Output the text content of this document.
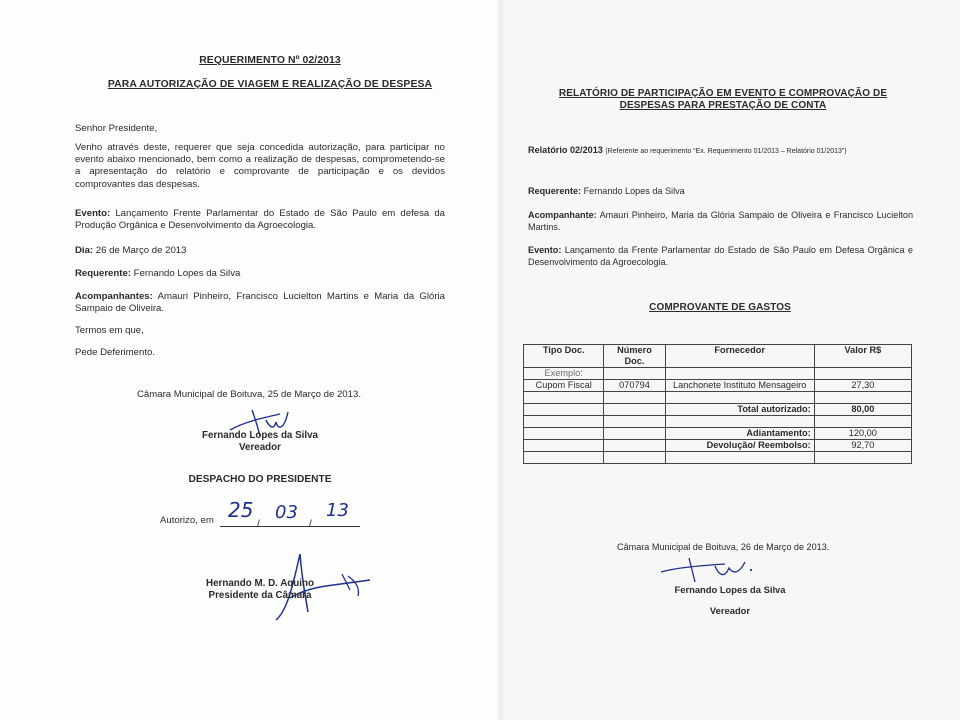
REQUERIMENTO Nº 02/2013
PARA AUTORIZAÇÃO DE VIAGEM E REALIZAÇÃO DE DESPESA
Senhor Presidente,
Venho através deste, requerer que seja concedida autorização, para participar no evento abaixo mencionado, bem como a realização de despesas, comprometendo-se a apresentação do relatório e comprovante de participação e os devidos comprovantes das despesas.
Evento: Lançamento Frente Parlamentar do Estado de São Paulo em defesa da Produção Orgânica e Desenvolvimento da Agroecologia.
Dia: 26 de Março de 2013
Requerente: Fernando Lopes da Silva
Acompanhantes: Amauri Pinheiro, Francisco Lucielton Martins e Maria da Glória Sampaio de Oliveira.
Termos em que,
Pede Deferimento.
Câmara Municipal de Boituva, 25 de Março de 2013.
Fernando Lopes da Silva
Vereador
DESPACHO DO PRESIDENTE
Autorizo, em	/	/
25 03 13
Hernando M. D. Aquino
Presidente da Câmara
RELATÓRIO DE PARTICIPAÇÃO EM EVENTO E COMPROVAÇÃO DE
DESPESAS PARA PRESTAÇÃO DE CONTA
Relatório 02/2013 (Referente ao requerimento “Ex. Requerimento 01/2013 – Relatório 01/2013”)
Requerente: Fernando Lopes da Silva
Acompanhante: Amauri Pinheiro, Maria da Glória Sampaio de Oliveira e Francisco Lucielton Martins.
Evento: Lançamento da Frente Parlamentar do Estado de São Paulo em Defesa Orgânica e Desenvolvimento da Agroecologia.
COMPROVANTE DE GASTOS
Tipo Doc.	Número Doc.	Fornecedor	Valor R$
Exemplo:			
Cupom Fiscal	070794	Lanchonete Instituto Mensageiro	27,30

		Total autorizado:	80,00

		Adiantamento:	120,00
		Devolução/ Reembolso:	92,70

Câmara Municipal de Boituva, 26 de Março de 2013.
Fernando Lopes da Silva
Vereador
